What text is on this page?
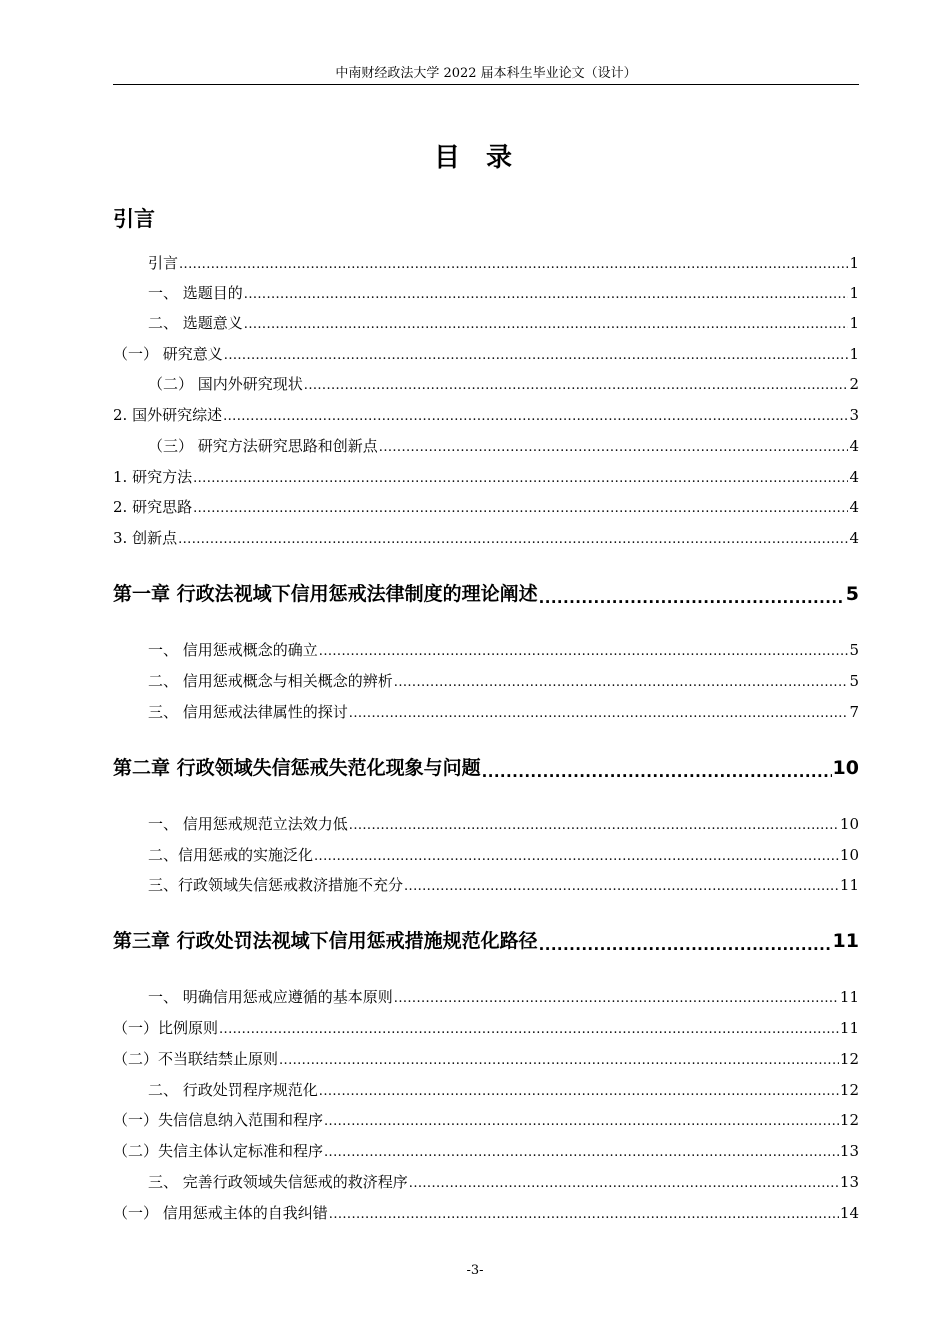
中南财经政法大学 2022 届本科生毕业论文（设计）
目录
引言
引言 .....	1
一、 选题目的 .....	1
二、 选题意义 .....	1
（一） 研究意义 .....	1
（二） 国内外研究现状 .....	2
2. 国外研究综述 .....	3
（三） 研究方法研究思路和创新点 .....	4
1. 研究方法 .....	4
2. 研究思路 .....	4
3. 创新点 .....	4
第一章 行政法视域下信用惩戒法律制度的理论阐述 .....	5
一、 信用惩戒概念的确立 .....	5
二、 信用惩戒概念与相关概念的辨析 .....	5
三、 信用惩戒法律属性的探讨 .....	7
第二章 行政领域失信惩戒失范化现象与问题 .....	10
一、 信用惩戒规范立法效力低 .....	10
二、信用惩戒的实施泛化 .....	10
三、行政领域失信惩戒救济措施不充分 .....	11
第三章 行政处罚法视域下信用惩戒措施规范化路径 .....	11
一、 明确信用惩戒应遵循的基本原则 .....	11
（一）比例原则 .....	11
（二）不当联结禁止原则 .....	12
二、 行政处罚程序规范化 .....	12
（一）失信信息纳入范围和程序 .....	12
（二）失信主体认定标准和程序 .....	13
三、 完善行政领域失信惩戒的救济程序 .....	13
（一） 信用惩戒主体的自我纠错 .....	14
-3-
